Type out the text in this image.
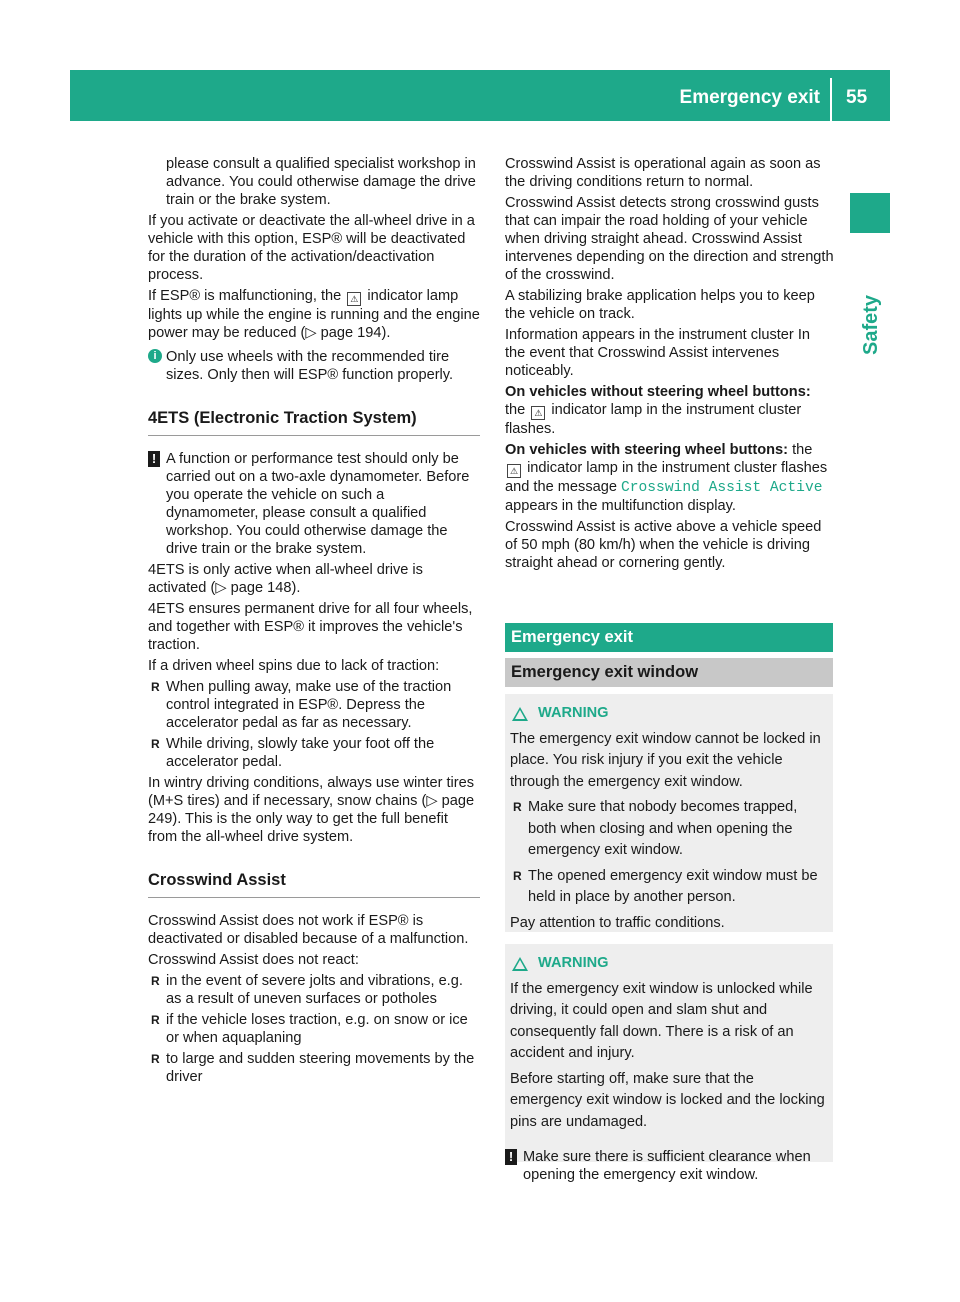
Emergency exit 55
Safety

please consult a qualified specialist workshop in advance. You could otherwise damage the drive train or the brake system.

If you activate or deactivate the all-wheel drive in a vehicle with this option, ESP® will be deactivated for the duration of the activation/deactivation process.

If ESP® is malfunctioning, the ⚠ indicator lamp lights up while the engine is running and the engine power may be reduced (▷ page 194).

i Only use wheels with the recommended tire sizes. Only then will ESP® function properly.
4ETS (Electronic Traction System)
! A function or performance test should only be carried out on a two-axle dynamometer. Before you operate the vehicle on such a dynamometer, please consult a qualified workshop. You could otherwise damage the drive train or the brake system.

4ETS is only active when all-wheel drive is activated (▷ page 148).

4ETS ensures permanent drive for all four wheels, and together with ESP® it improves the vehicle's traction.

If a driven wheel spins due to lack of traction:

R When pulling away, make use of the traction control integrated in ESP®. Depress the accelerator pedal as far as necessary.
R While driving, slowly take your foot off the accelerator pedal.

In wintry driving conditions, always use winter tires (M+S tires) and if necessary, snow chains (▷ page 249). This is the only way to get the full benefit from the all-wheel drive system.

Crosswind Assist

Crosswind Assist does not work if ESP® is deactivated or disabled because of a malfunction.

Crosswind Assist does not react:

R in the event of severe jolts and vibrations, e.g. as a result of uneven surfaces or potholes
R if the vehicle loses traction, e.g. on snow or ice or when aquaplaning
R to large and sudden steering movements by the driver

Crosswind Assist is operational again as soon as the driving conditions return to normal.

Crosswind Assist detects strong crosswind gusts that can impair the road holding of your vehicle when driving straight ahead. Crosswind Assist intervenes depending on the direction and strength of the crosswind.

A stabilizing brake application helps you to keep the vehicle on track.

Information appears in the instrument cluster In the event that Crosswind Assist intervenes noticeably.

On vehicles without steering wheel buttons: the ⚠ indicator lamp in the instrument cluster flashes.

On vehicles with steering wheel buttons: the ⚠ indicator lamp in the instrument cluster flashes and the message Crosswind Assist Active appears in the multifunction display.

Crosswind Assist is active above a vehicle speed of 50 mph (80 km/h) when the vehicle is driving straight ahead or cornering gently.

Emergency exit
Emergency exit window
WARNING

The emergency exit window cannot be locked in place. You risk injury if you exit the vehicle through the emergency exit window.

R Make sure that nobody becomes trapped, both when closing and when opening the emergency exit window.
R The opened emergency exit window must be held in place by another person.

Pay attention to traffic conditions.

WARNING

If the emergency exit window is unlocked while driving, it could open and slam shut and consequently fall down. There is a risk of an accident and injury.

Before starting off, make sure that the emergency exit window is locked and the locking pins are undamaged.

! Make sure there is sufficient clearance when opening the emergency exit window.
